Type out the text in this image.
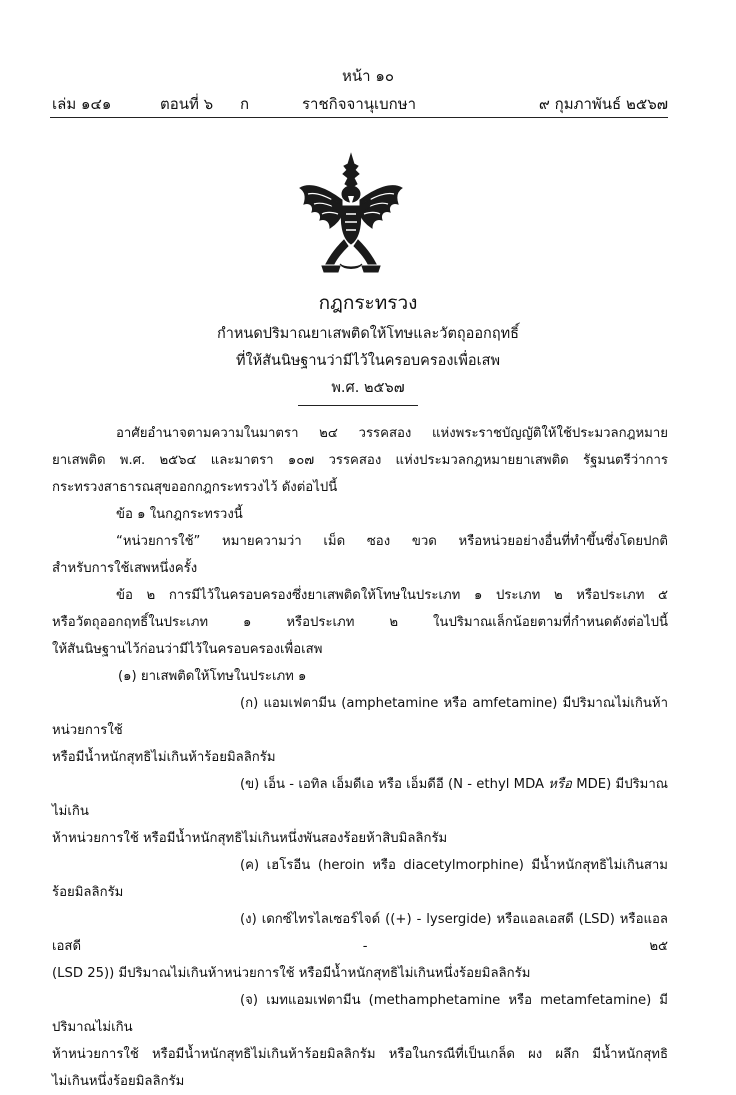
หน้า ๑๐
เล่ม ๑๔๑	ตอนที่ ๖ ก	ราชกิจจานุเบกษา	๙ กุมภาพันธ์ ๒๕๖๗
กฎกระทรวง
กำหนดปริมาณยาเสพติดให้โทษและวัตถุออกฤทธิ์
ที่ให้สันนิษฐานว่ามีไว้ในครอบครองเพื่อเสพ
พ.ศ. ๒๕๖๗

อาศัยอำนาจตามความในมาตรา ๒๔ วรรคสอง แห่งพระราชบัญญัติให้ใช้ประมวลกฎหมาย

ยาเสพติด พ.ศ. ๒๕๖๔ และมาตรา ๑๐๗ วรรคสอง แห่งประมวลกฎหมายยาเสพติด รัฐมนตรีว่าการ

กระทรวงสาธารณสุขออกกฎกระทรวงไว้ ดังต่อไปนี้

ข้อ ๑ ในกฎกระทรวงนี้

“หน่วยการใช้” หมายความว่า เม็ด ซอง ขวด หรือหน่วยอย่างอื่นที่ทำขึ้นซึ่งโดยปกติ

สำหรับการใช้เสพหนึ่งครั้ง

ข้อ ๒ การมีไว้ในครอบครองซึ่งยาเสพติดให้โทษในประเภท ๑ ประเภท ๒ หรือประเภท ๕

หรือวัตถุออกฤทธิ์ในประเภท ๑ หรือประเภท ๒ ในปริมาณเล็กน้อยตามที่กำหนดดังต่อไปนี้

ให้สันนิษฐานไว้ก่อนว่ามีไว้ในครอบครองเพื่อเสพ

(๑) ยาเสพติดให้โทษในประเภท ๑

(ก) แอมเฟตามีน (amphetamine หรือ amfetamine) มีปริมาณไม่เกินห้าหน่วยการใช้

หรือมีน้ำหนักสุทธิไม่เกินห้าร้อยมิลลิกรัม

(ข) เอ็น - เอทิล เอ็มดีเอ หรือ เอ็มดีอี (N - ethyl MDA หรือ MDE) มีปริมาณไม่เกิน

ห้าหน่วยการใช้ หรือมีน้ำหนักสุทธิไม่เกินหนึ่งพันสองร้อยห้าสิบมิลลิกรัม

(ค) เฮโรอีน (heroin หรือ diacetylmorphine) มีน้ำหนักสุทธิไม่เกินสามร้อยมิลลิกรัม

(ง) เดกซ์ไทรไลเซอร์ไจด์ ((+) - lysergide) หรือแอลเอสดี (LSD) หรือแอลเอสดี - ๒๕

(LSD 25)) มีปริมาณไม่เกินห้าหน่วยการใช้ หรือมีน้ำหนักสุทธิไม่เกินหนึ่งร้อยมิลลิกรัม

(จ) เมทแอมเฟตามีน (methamphetamine หรือ metamfetamine) มีปริมาณไม่เกิน

ห้าหน่วยการใช้ หรือมีน้ำหนักสุทธิไม่เกินห้าร้อยมิลลิกรัม หรือในกรณีที่เป็นเกล็ด ผง ผลึก มีน้ำหนักสุทธิ

ไม่เกินหนึ่งร้อยมิลลิกรัม
